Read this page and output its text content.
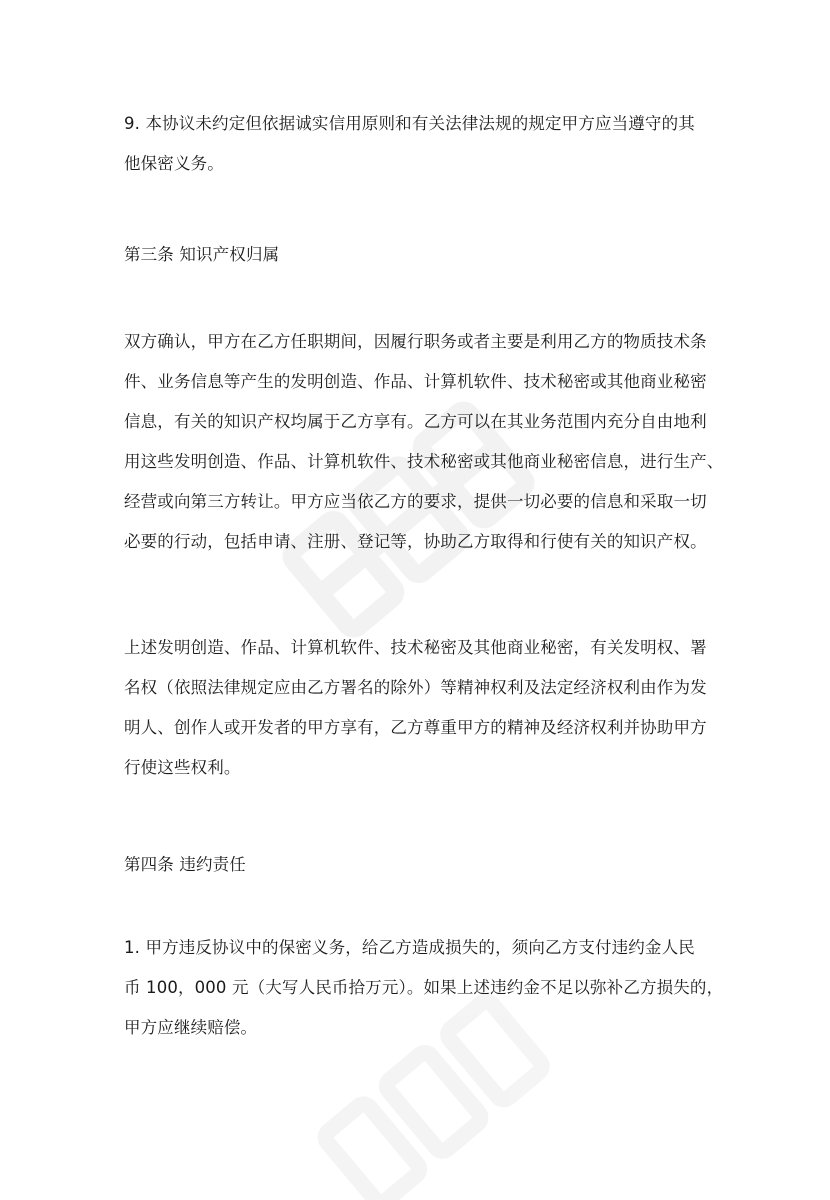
9. 本协议未约定但依据诚实信用原则和有关法律法规的规定甲方应当遵守的其
他保密义务。
第三条 知识产权归属
双方确认，甲方在乙方任职期间，因履行职务或者主要是利用乙方的物质技术条
件、业务信息等产生的发明创造、作品、计算机软件、技术秘密或其他商业秘密
信息，有关的知识产权均属于乙方享有。乙方可以在其业务范围内充分自由地利
用这些发明创造、作品、计算机软件、技术秘密或其他商业秘密信息，进行生产、
经营或向第三方转让。甲方应当依乙方的要求，提供一切必要的信息和采取一切
必要的行动，包括申请、注册、登记等，协助乙方取得和行使有关的知识产权。
上述发明创造、作品、计算机软件、技术秘密及其他商业秘密，有关发明权、署
名权（依照法律规定应由乙方署名的除外）等精神权利及法定经济权利由作为发
明人、创作人或开发者的甲方享有，乙方尊重甲方的精神及经济权利并协助甲方
行使这些权利。
第四条 违约责任
1. 甲方违反协议中的保密义务，给乙方造成损失的，须向乙方支付违约金人民
币 100，000 元（大写人民币拾万元）。如果上述违约金不足以弥补乙方损失的，
甲方应继续赔偿。
